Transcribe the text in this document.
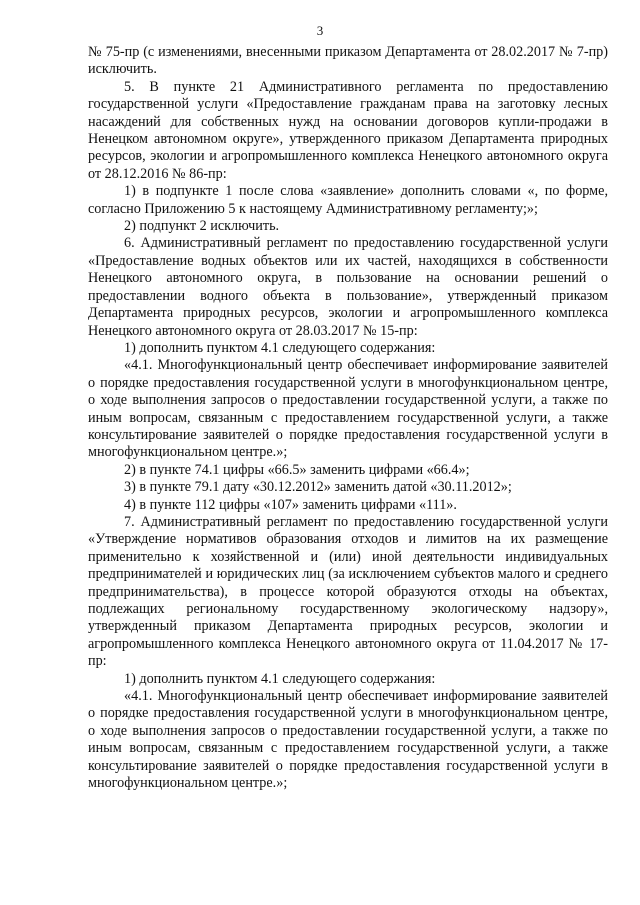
3

№ 75-пр (с изменениями, внесенными приказом Департамента от 28.02.2017 № 7-пр) исключить.

5. В пункте 21 Административного регламента по предоставлению государственной услуги «Предоставление гражданам права на заготовку лесных насаждений для собственных нужд на основании договоров купли-продажи в Ненецком автономном округе», утвержденного приказом Департамента природных ресурсов, экологии и агропромышленного комплекса Ненецкого автономного округа от 28.12.2016 № 86-пр:

1) в подпункте 1 после слова «заявление» дополнить словами «, по форме, согласно Приложению 5 к настоящему Административному регламенту;»;

2) подпункт 2 исключить.

6. Административный регламент по предоставлению государственной услуги «Предоставление водных объектов или их частей, находящихся в собственности Ненецкого автономного округа, в пользование на основании решений о предоставлении водного объекта в пользование», утвержденный приказом Департамента природных ресурсов, экологии и агропромышленного комплекса Ненецкого автономного округа от 28.03.2017 № 15-пр:

1) дополнить пунктом 4.1 следующего содержания:

«4.1. Многофункциональный центр обеспечивает информирование заявителей о порядке предоставления государственной услуги в многофункциональном центре, о ходе выполнения запросов о предоставлении государственной услуги, а также по иным вопросам, связанным с предоставлением государственной услуги, а также консультирование заявителей о порядке предоставления государственной услуги в многофункциональном центре.»;

2) в пункте 74.1 цифры «66.5» заменить цифрами «66.4»;

3) в пункте 79.1 дату «30.12.2012» заменить датой «30.11.2012»;

4) в пункте 112 цифры «107» заменить цифрами «111».

7. Административный регламент по предоставлению государственной услуги «Утверждение нормативов образования отходов и лимитов на их размещение применительно к хозяйственной и (или) иной деятельности индивидуальных предпринимателей и юридических лиц (за исключением субъектов малого и среднего предпринимательства), в процессе которой образуются отходы на объектах, подлежащих региональному государственному экологическому надзору», утвержденный приказом Департамента природных ресурсов, экологии и агропромышленного комплекса Ненецкого автономного округа от 11.04.2017 № 17-пр:

1) дополнить пунктом 4.1 следующего содержания:

«4.1. Многофункциональный центр обеспечивает информирование заявителей о порядке предоставления государственной услуги в многофункциональном центре, о ходе выполнения запросов о предоставлении государственной услуги, а также по иным вопросам, связанным с предоставлением государственной услуги, а также консультирование заявителей о порядке предоставления государственной услуги в многофункциональном центре.»;
